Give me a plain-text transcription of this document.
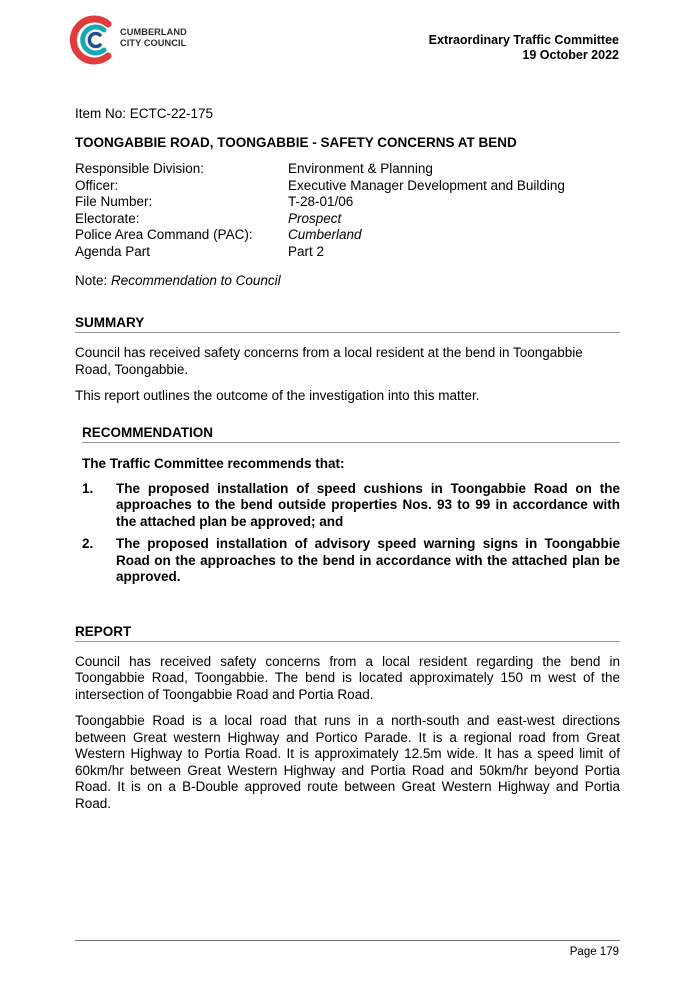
CUMBERLAND
CITY COUNCIL	Extraordinary Traffic Committee
19 October 2022
Item No: ECTC-22-175
TOONGABBIE ROAD, TOONGABBIE - SAFETY CONCERNS AT BEND
Responsible Division:	Environment & Planning
Officer:	Executive Manager Development and Building
File Number:	T-28-01/06
Electorate:	Prospect
Police Area Command (PAC):	Cumberland
Agenda Part	Part 2
Note: Recommendation to Council
SUMMARY

Council has received safety concerns from a local resident at the bend in Toongabbie Road, Toongabbie.

This report outlines the outcome of the investigation into this matter.

RECOMMENDATION
The Traffic Committee recommends that:
1.	The proposed installation of speed cushions in Toongabbie Road on the approaches to the bend outside properties Nos. 93 to 99 in accordance with the attached plan be approved; and
2.	The proposed installation of advisory speed warning signs in Toongabbie Road on the approaches to the bend in accordance with the attached plan be approved.
REPORT

Council has received safety concerns from a local resident regarding the bend in Toongabbie Road, Toongabbie. The bend is located approximately 150 m west of the intersection of Toongabbie Road and Portia Road.

Toongabbie Road is a local road that runs in a north-south and east-west directions between Great western Highway and Portico Parade. It is a regional road from Great Western Highway to Portia Road. It is approximately 12.5m wide. It has a speed limit of 60km/hr between Great Western Highway and Portia Road and 50km/hr beyond Portia Road. It is on a B-Double approved route between Great Western Highway and Portia Road.

Page 179
